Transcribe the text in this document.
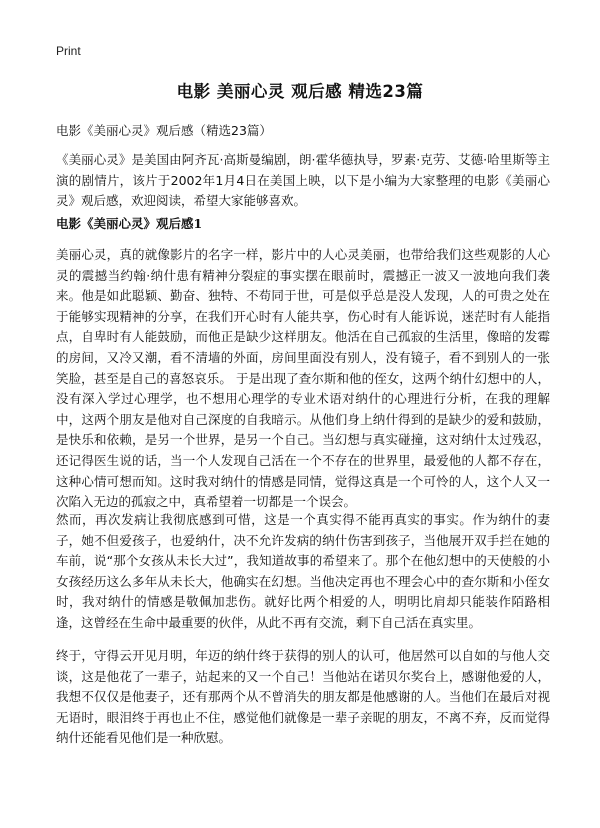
Print
电影 美丽心灵 观后感 精选23篇

电影《美丽心灵》观后感（精选23篇）

《美丽心灵》是美国由阿齐瓦·高斯曼编剧，朗·霍华德执导，罗素·克劳、艾德·哈里斯等主演的剧情片，该片于2002年1月4日在美国上映，以下是小编为大家整理的电影《美丽心灵》观后感，欢迎阅读，希望大家能够喜欢。

电影《美丽心灵》观后感1

美丽心灵，真的就像影片的名字一样，影片中的人心灵美丽，也带给我们这些观影的人心灵的震撼当约翰·纳什患有精神分裂症的事实摆在眼前时，震撼正一波又一波地向我们袭来。他是如此聪颖、勤奋、独特、不苟同于世，可是似乎总是没人发现，人的可贵之处在于能够实现精神的分享，在我们开心时有人能共享，伤心时有人能诉说，迷茫时有人能指点，自卑时有人能鼓励，而他正是缺少这样朋友。他活在自己孤寂的生活里，像暗的发霉的房间，又冷又潮，看不清墙的外面，房间里面没有别人，没有镜子，看不到别人的一张笑脸，甚至是自己的喜怒哀乐。 于是出现了查尔斯和他的侄女，这两个纳什幻想中的人，没有深入学过心理学，也不想用心理学的专业术语对纳什的心理进行分析，在我的理解中，这两个朋友是他对自己深度的自我暗示。从他们身上纳什得到的是缺少的爱和鼓励，是快乐和依赖，是另一个世界，是另一个自己。当幻想与真实碰撞，这对纳什太过残忍，还记得医生说的话，当一个人发现自己活在一个不存在的世界里，最爱他的人都不存在，这种心情可想而知。这时我对纳什的情感是同情，觉得这真是一个可怜的人，这个人又一次陷入无边的孤寂之中，真希望着一切都是一个误会。

然而，再次发病让我彻底感到可惜，这是一个真实得不能再真实的事实。作为纳什的妻子，她不但爱孩子，也爱纳什，决不允许发病的纳什伤害到孩子，当他展开双手拦在她的车前，说“那个女孩从未长大过”，我知道故事的希望来了。那个在他幻想中的天使般的小女孩经历这么多年从未长大，他确实在幻想。当他决定再也不理会心中的查尔斯和小侄女时，我对纳什的情感是敬佩加悲伤。就好比两个相爱的人，明明比肩却只能装作陌路相逢，这曾经在生命中最重要的伙伴，从此不再有交流，剩下自己活在真实里。

终于，守得云开见月明，年迈的纳什终于获得的别人的认可，他居然可以自如的与他人交谈，这是他花了一辈子，站起来的又一个自己！当他站在诺贝尔奖台上，感谢他爱的人，我想不仅仅是他妻子，还有那两个从不曾消失的朋友都是他感谢的人。当他们在最后对视无语时，眼泪终于再也止不住，感觉他们就像是一辈子亲昵的朋友，不离不弃，反而觉得纳什还能看见他们是一种欣慰。
